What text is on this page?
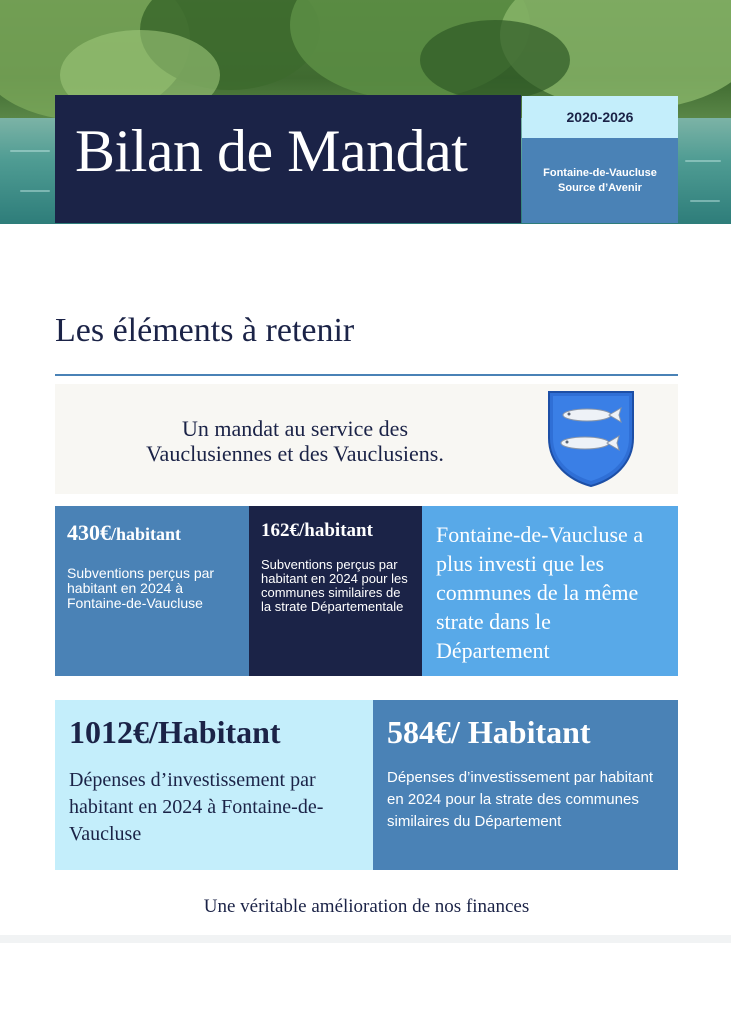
Bilan de Mandat
2020-2026
Fontaine-de-Vaucluse
Source d’Avenir
Les éléments à retenir
Un mandat au service des
Vauclusiennes et des Vauclusiens.
430€/habitant
Subventions perçus par habitant en 2024 à Fontaine-de-Vaucluse
162€/habitant
Subventions perçus par habitant en 2024 pour les communes similaires de la strate Départementale
Fontaine-de-Vaucluse a plus investi que les communes de la même strate dans le Département
1012€/Habitant
Dépenses d’investissement par habitant en 2024 à Fontaine-de-Vaucluse
584€/ Habitant
Dépenses d’investissement par habitant en 2024 pour la strate des communes similaires du Département
Une véritable amélioration de nos finances
